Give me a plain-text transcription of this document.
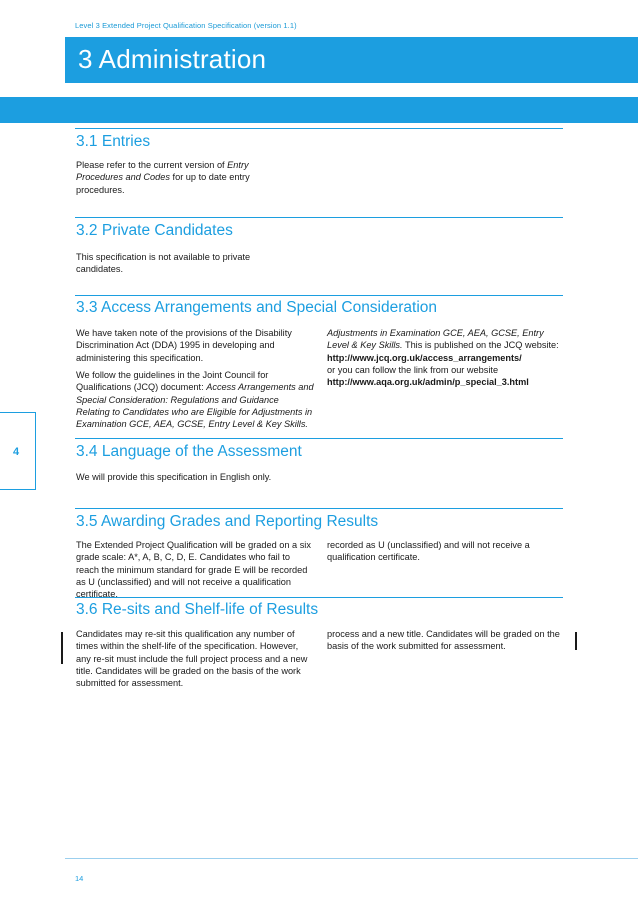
Level 3 Extended Project Qualification Specification (version 1.1)
3 Administration
4
3.1 Entries

Please refer to the current version of Entry Procedures and Codes for up to date entry procedures.

3.2 Private Candidates

This specification is not available to private candidates.

3.3 Access Arrangements and Special Consideration

We have taken note of the provisions of the Disability Discrimination Act (DDA) 1995 in developing and administering this specification.

We follow the guidelines in the Joint Council for Qualifications (JCQ) document: Access Arrangements and Special Consideration: Regulations and Guidance Relating to Candidates who are Eligible for Adjustments in Examination GCE, AEA, GCSE, Entry Level & Key Skills.

Adjustments in Examination GCE, AEA, GCSE, Entry Level & Key Skills. This is published on the JCQ website:
http://www.jcq.org.uk/access_arrangements/
or you can follow the link from our website
http://www.aqa.org.uk/admin/p_special_3.html

3.4 Language of the Assessment

We will provide this specification in English only.

3.5 Awarding Grades and Reporting Results

The Extended Project Qualification will be graded on a six grade scale: A*, A, B, C, D, E. Candidates who fail to reach the minimum standard for grade E will be recorded as U (unclassified) and will not receive a qualification certificate.

recorded as U (unclassified) and will not receive a qualification certificate.

3.6 Re-sits and Shelf-life of Results

Candidates may re-sit this qualification any number of times within the shelf-life of the specification. However, any re-sit must include the full project process and a new title. Candidates will be graded on the basis of the work submitted for assessment.

process and a new title. Candidates will be graded on the basis of the work submitted for assessment.

14
